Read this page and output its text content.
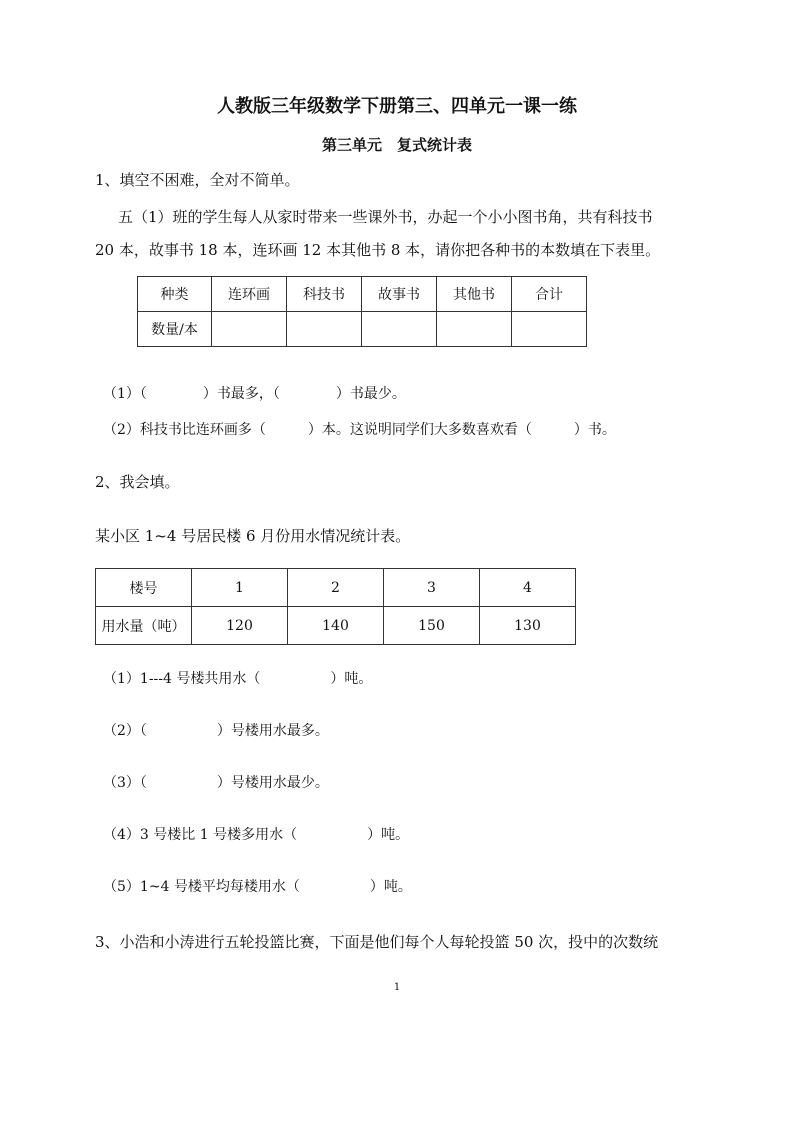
人教版三年级数学下册第三、四单元一课一练
第三单元　复式统计表
1、填空不困难，全对不简单。
五（1）班的学生每人从家时带来一些课外书，办起一个小小图书角，共有科技书
20 本，故事书 18 本，连环画 12 本其他书 8 本，请你把各种书的本数填在下表里。
种类	连环画	科技书	故事书	其他书	合计
数量/本					
（1）（　　　　）书最多，（　　　　）书最少。
（2）科技书比连环画多（　　　）本。这说明同学们大多数喜欢看（　　　）书。
2、我会填。
某小区 1~4 号居民楼 6 月份用水情况统计表。
楼号	1	2	3	4
用水量（吨）	120	140	150	130
（1）1---4 号楼共用水（　　　　　）吨。
（2）（　　　　　）号楼用水最多。
（3）（　　　　　）号楼用水最少。
（4）3 号楼比 1 号楼多用水（　　　　　）吨。
（5）1~4 号楼平均每楼用水（　　　　　）吨。
3、小浩和小涛进行五轮投篮比赛，下面是他们每个人每轮投篮 50 次，投中的次数统
1
